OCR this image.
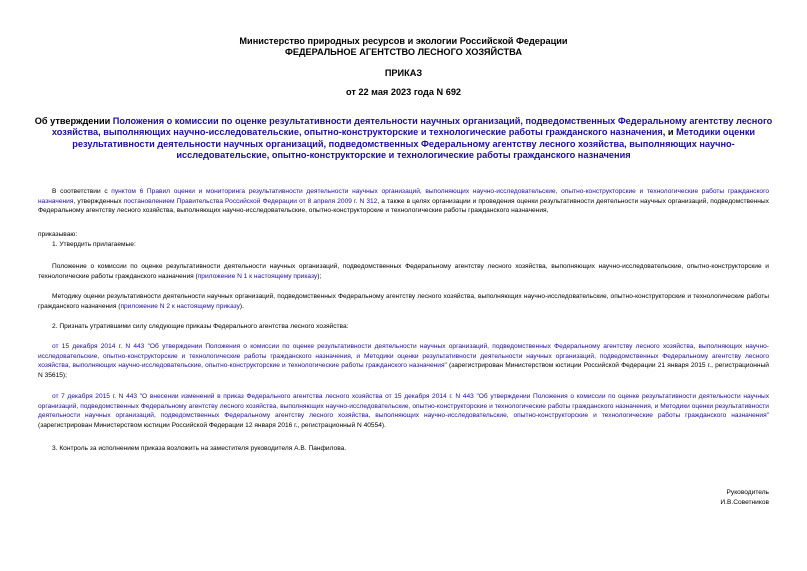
Министерство природных ресурсов и экологии Российской Федерации
ФЕДЕРАЛЬНОЕ АГЕНТСТВО ЛЕСНОГО ХОЗЯЙСТВА
ПРИКАЗ
от 22 мая 2023 года N 692
Об утверждении Положения о комиссии по оценке результативности деятельности научных организаций, подведомственных Федеральному агентству лесного хозяйства, выполняющих научно-исследовательские, опытно-конструкторские и технологические работы гражданского назначения, и Методики оценки результативности деятельности научных организаций, подведомственных Федеральному агентству лесного хозяйства, выполняющих научно-исследовательские, опытно-конструкторские и технологические работы гражданского назначения
В соответствии с пунктом 6 Правил оценки и мониторинга результативности деятельности научных организаций, выполняющих научно-исследовательские, опытно-конструкторские и технологические работы гражданского назначения, утвержденных постановлением Правительства Российской Федерации от 8 апреля 2009 г. N 312, а также в целях организации и проведения оценки результативности деятельности научных организаций, подведомственных Федеральному агентству лесного хозяйства, выполняющих научно-исследовательские, опытно-конструкторские и технологические работы гражданского назначения,
приказываю:
1. Утвердить прилагаемые:
Положение о комиссии по оценке результативности деятельности научных организаций, подведомственных Федеральному агентству лесного хозяйства, выполняющих научно-исследовательские, опытно-конструкторские и технологические работы гражданского назначения (приложение N 1 к настоящему приказу);
Методику оценки результативности деятельности научных организаций, подведомственных Федеральному агентству лесного хозяйства, выполняющих научно-исследовательские, опытно-конструкторские и технологические работы гражданского назначения (приложение N 2 к настоящему приказу).
2. Признать утратившими силу следующие приказы Федерального агентства лесного хозяйства:
от 15 декабря 2014 г. N 443 "Об утверждении Положения о комиссии по оценке результативности деятельности научных организаций, подведомственных Федеральному агентству лесного хозяйства, выполняющих научно-исследовательские, опытно-конструкторские и технологические работы гражданского назначения, и Методики оценки результативности деятельности научных организаций, подведомственных Федеральному агентству лесного хозяйства, выполняющих научно-исследовательские, опытно-конструкторские и технологические работы гражданского назначения" (зарегистрирован Министерством юстиции Российской Федерации 21 января 2015 г., регистрационный N 35615);
от 7 декабря 2015 г. N 443 "О внесении изменений в приказ Федерального агентства лесного хозяйства от 15 декабря 2014 г. N 443 "Об утверждении Положения о комиссии по оценке результативности деятельности научных организаций, подведомственных Федеральному агентству лесного хозяйства, выполняющих научно-исследовательские, опытно-конструкторские и технологические работы гражданского назначения, и Методики оценки результативности деятельности научных организаций, подведомственных Федеральному агентству лесного хозяйства, выполняющих научно-исследовательские, опытно-конструкторские и технологические работы гражданского назначения" (зарегистрирован Министерством юстиции Российской Федерации 12 января 2016 г., регистрационный N 40554).
3. Контроль за исполнением приказа возложить на заместителя руководителя А.В. Панфилова.
Руководитель
И.В.Советников
